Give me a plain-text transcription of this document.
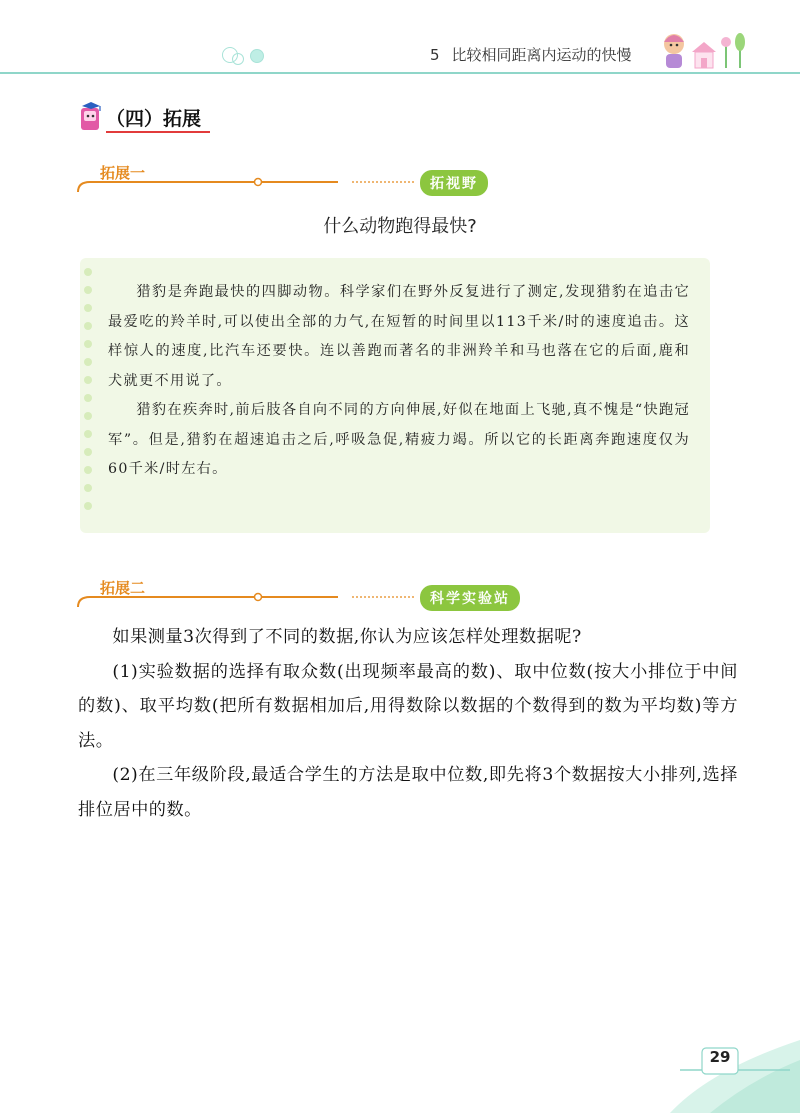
5 比较相同距离内运动的快慢
（四）拓展
拓展一
拓视野
什么动物跑得最快?

猎豹是奔跑最快的四脚动物。科学家们在野外反复进行了测定,发现猎豹在追击它最爱吃的羚羊时,可以使出全部的力气,在短暂的时间里以113千米/时的速度追击。这样惊人的速度,比汽车还要快。连以善跑而著名的非洲羚羊和马也落在它的后面,鹿和犬就更不用说了。

猎豹在疾奔时,前后肢各自向不同的方向伸展,好似在地面上飞驰,真不愧是“快跑冠军”。但是,猎豹在超速追击之后,呼吸急促,精疲力竭。所以它的长距离奔跑速度仅为60千米/时左右。

拓展二
科学实验站

如果测量3次得到了不同的数据,你认为应该怎样处理数据呢?

(1)实验数据的选择有取众数(出现频率最高的数)、取中位数(按大小排位于中间的数)、取平均数(把所有数据相加后,用得数除以数据的个数得到的数为平均数)等方法。

(2)在三年级阶段,最适合学生的方法是取中位数,即先将3个数据按大小排列,选择排位居中的数。

29
